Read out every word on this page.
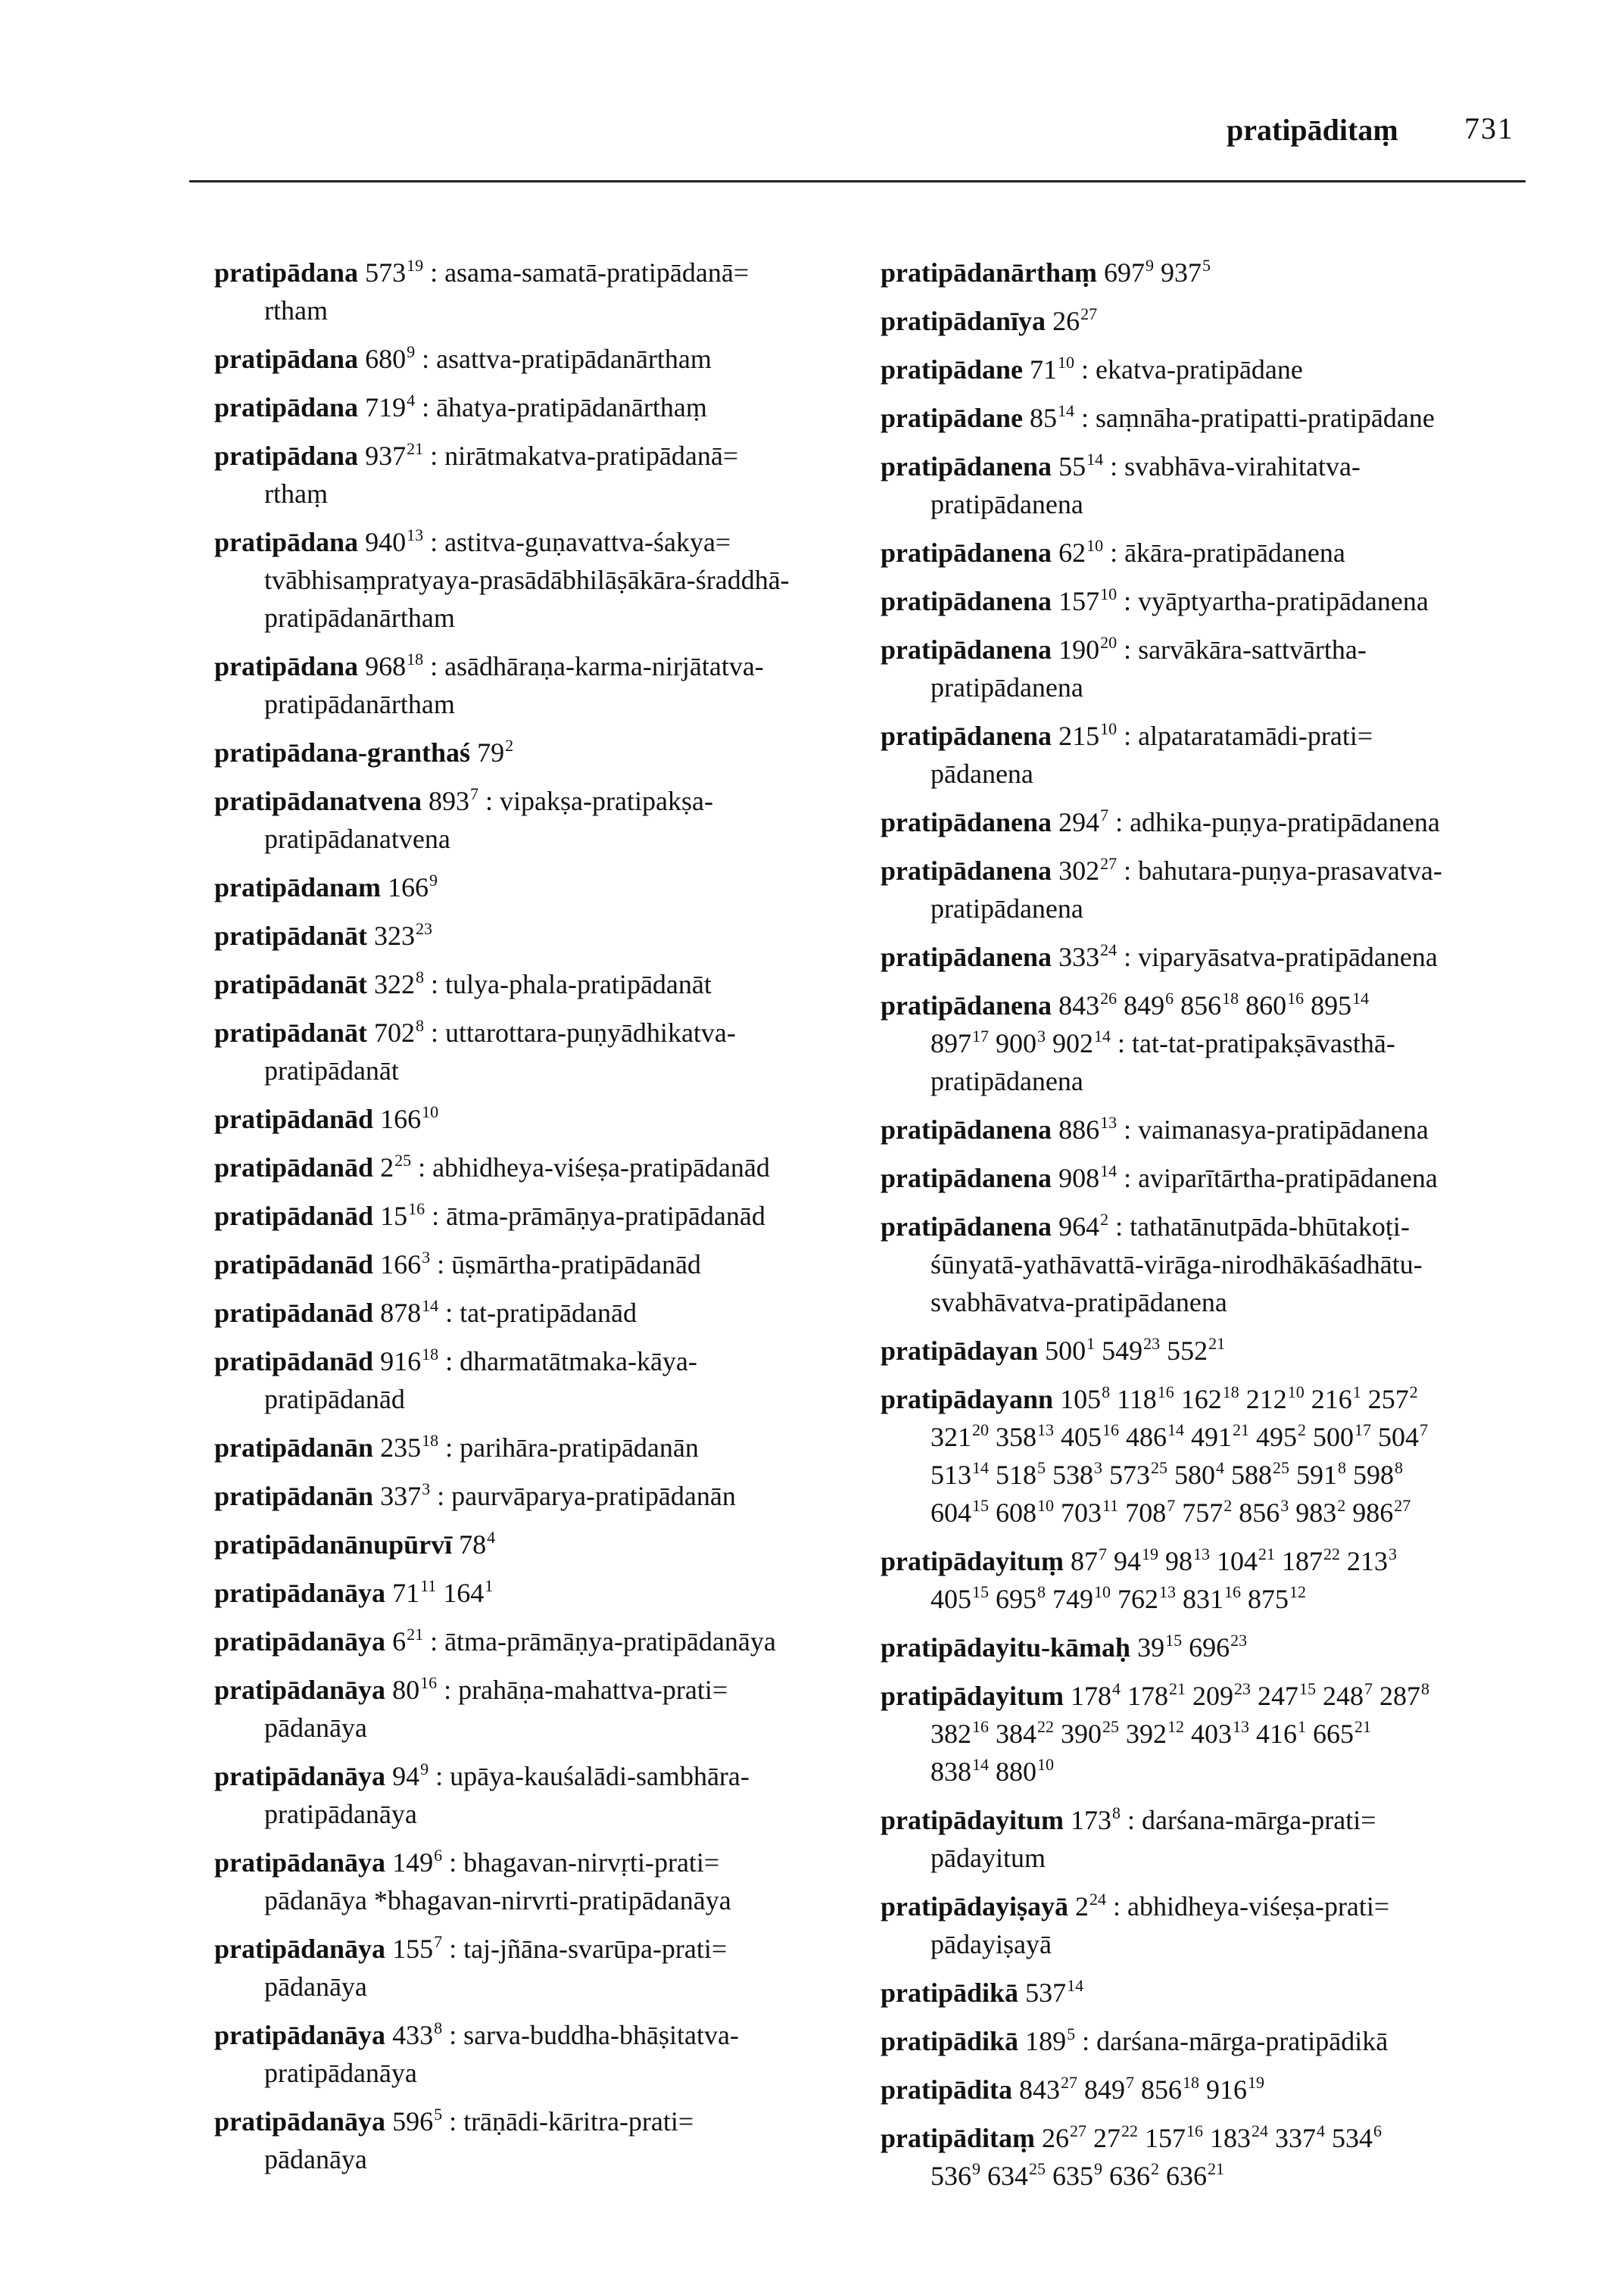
pratipāditaṃ 731
pratipādana $573^{19}$ : asama-samatā-pratipādanā=
rtham
pratipādana $680^9$ : asattva-pratipādanārtham
pratipādana $719^4$ : āhatya-pratipādanārthaṃ
pratipādana $937^{21}$ : nirātmakatva-pratipādanā=
rthaṃ
pratipādana $940^{13}$ : astitva-guṇavattva-śakya=
tvābhisaṃpratyaya-prasādābhilāṣākāra-śraddhā-
pratipādanārtham
pratipādana $968^{18}$ : asādhāraṇa-karma-nirjātatva-
pratipādanārtham
pratipādana-granthaś $79^2$
pratipādanatvena $893^7$ : vipakṣa-pratipakṣa-
pratipādanatvena
pratipādanam $166^9$
pratipādanāt $323^{23}$
pratipādanāt $322^8$ : tulya-phala-pratipādanāt
pratipādanāt $702^8$ : uttarottara-puṇyādhikatva-
pratipādanāt
pratipādanād $166^{10}$
pratipādanād $2^{25}$ : abhidheya-viśeṣa-pratipādanād
pratipādanād $15^{16}$ : ātma-prāmāṇya-pratipādanād
pratipādanād $166^3$ : ūṣmārtha-pratipādanād
pratipādanād $878^{14}$ : tat-pratipādanād
pratipādanād $916^{18}$ : dharmatātmaka-kāya-
pratipādanād
pratipādanān $235^{18}$ : parihāra-pratipādanān
pratipādanān $337^3$ : paurvāparya-pratipādanān
pratipādanānupūrvī $78^4$
pratipādanāya $71^{11}$ $164^1$
pratipādanāya $6^{21}$ : ātma-prāmāṇya-pratipādanāya
pratipādanāya $80^{16}$ : prahāṇa-mahattva-prati=
pādanāya
pratipādanāya $94^9$ : upāya-kauśalādi-sambhāra-
pratipādanāya
pratipādanāya $149^6$ : bhagavan-nirvṛti-prati=
pādanāya *bhagavan-nirvrti-pratipādanāya
pratipādanāya $155^7$ : taj-jñāna-svarūpa-prati=
pādanāya
pratipādanāya $433^8$ : sarva-buddha-bhāṣitatva-
pratipādanāya
pratipādanāya $596^5$ : trāṇādi-kāritra-prati=
pādanāya
pratipādanārthaṃ $697^9$ $937^5$
pratipādanīya $26^{27}$
pratipādane $71^{10}$ : ekatva-pratipādane
pratipādane $85^{14}$ : saṃnāha-pratipatti-pratipādane
pratipādanena $55^{14}$ : svabhāva-virahitatva-
pratipādanena
pratipādanena $62^{10}$ : ākāra-pratipādanena
pratipādanena $157^{10}$ : vyāptyartha-pratipādanena
pratipādanena $190^{20}$ : sarvākāra-sattvārtha-
pratipādanena
pratipādanena $215^{10}$ : alpataratamādi-prati=
pādanena
pratipādanena $294^7$ : adhika-puṇya-pratipādanena
pratipādanena $302^{27}$ : bahutara-puṇya-prasavatva-
pratipādanena
pratipādanena $333^{24}$ : viparyāsatva-pratipādanena
pratipādanena $843^{26}$ $849^6$ $856^{18}$ $860^{16}$ $895^{14}$
$897^{17}$ $900^3$ $902^{14}$ : tat-tat-pratipakṣāvasthā-
pratipādanena
pratipādanena $886^{13}$ : vaimanasya-pratipādanena
pratipādanena $908^{14}$ : aviparītārtha-pratipādanena
pratipādanena $964^2$ : tathatānutpāda-bhūtakoṭi-
śūnyatā-yathāvattā-virāga-nirodhākāśadhātu-
svabhāvatva-pratipādanena
pratipādayan $500^1$ $549^{23}$ $552^{21}$
pratipādayann $105^8$ $118^{16}$ $162^{18}$ $212^{10}$ $216^1$ $257^2$
$321^{20}$ $358^{13}$ $405^{16}$ $486^{14}$ $491^{21}$ $495^2$ $500^{17}$ $504^7$
$513^{14}$ $518^5$ $538^3$ $573^{25}$ $580^4$ $588^{25}$ $591^8$ $598^8$
$604^{15}$ $608^{10}$ $703^{11}$ $708^7$ $757^2$ $856^3$ $983^2$ $986^{27}$
pratipādayituṃ $87^7$ $94^{19}$ $98^{13}$ $104^{21}$ $187^{22}$ $213^3$
$405^{15}$ $695^8$ $749^{10}$ $762^{13}$ $831^{16}$ $875^{12}$
pratipādayitu-kāmaḥ $39^{15}$ $696^{23}$
pratipādayitum $178^4$ $178^{21}$ $209^{23}$ $247^{15}$ $248^7$ $287^8$
$382^{16}$ $384^{22}$ $390^{25}$ $392^{12}$ $403^{13}$ $416^1$ $665^{21}$
$838^{14}$ $880^{10}$
pratipādayitum $173^8$ : darśana-mārga-prati=
pādayitum
pratipādayiṣayā $2^{24}$ : abhidheya-viśeṣa-prati=
pādayiṣayā
pratipādikā $537^{14}$
pratipādikā $189^5$ : darśana-mārga-pratipādikā
pratipādita $843^{27}$ $849^7$ $856^{18}$ $916^{19}$
pratipāditaṃ $26^{27}$ $27^{22}$ $157^{16}$ $183^{24}$ $337^4$ $534^6$
$536^9$ $634^{25}$ $635^9$ $636^2$ $636^{21}$
